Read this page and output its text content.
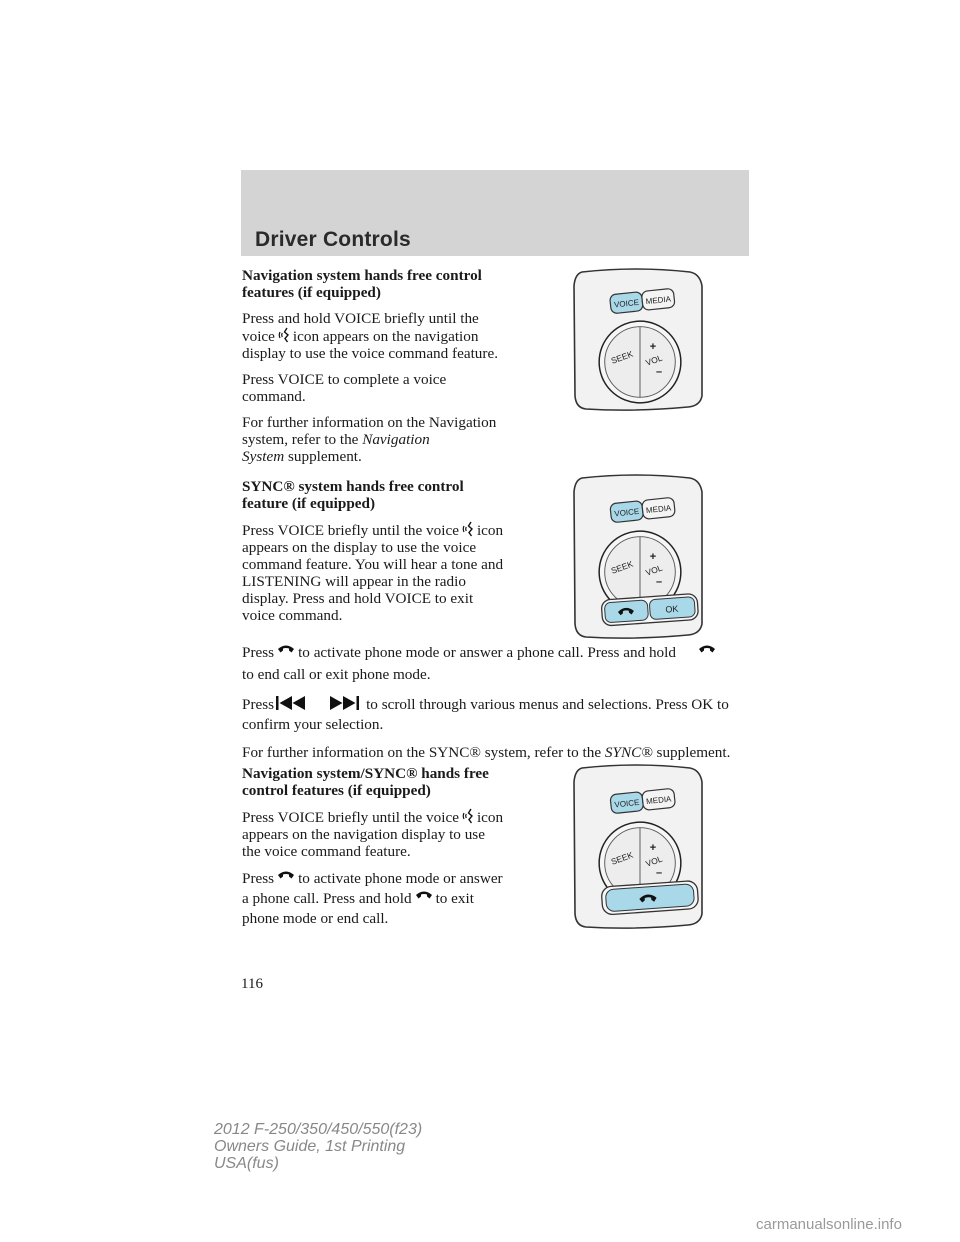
Driver Controls

Navigation system hands free control features (if equipped)

Press and hold VOICE briefly until the voice icon appears on the navigation display to use the voice command feature.

Press VOICE to complete a voice command.

For further information on the Navigation system, refer to the Navigation System supplement.

SYNC® system hands free control feature (if equipped)

Press VOICE briefly until the voice icon appears on the display to use the voice command feature. You will hear a tone and LISTENING will appear in the radio display. Press and hold VOICE to exit voice command.

Press to activate phone mode or answer a phone call. Press and holdto end call or exit phone mode.

Press	to scroll through various menus and selections. Press OK to confirm your selection.

For further information on the SYNC® system, refer to the SYNC® supplement.

Navigation system/SYNC® hands free control features (if equipped)

Press VOICE briefly until the voice icon appears on the navigation display to use the voice command feature.

Press to activate phone mode or answer a phone call. Press and hold to exit phone mode or end call.

VOICE MEDIA
SEEK VOL
+
–
VOICE MEDIA
SEEK VOL
+
–
OK
VOICE MEDIA
SEEK VOL
+
–
116
2012 F-250/350/450/550(f23)
Owners Guide, 1st Printing
USA(fus)
carmanualsonline.info
